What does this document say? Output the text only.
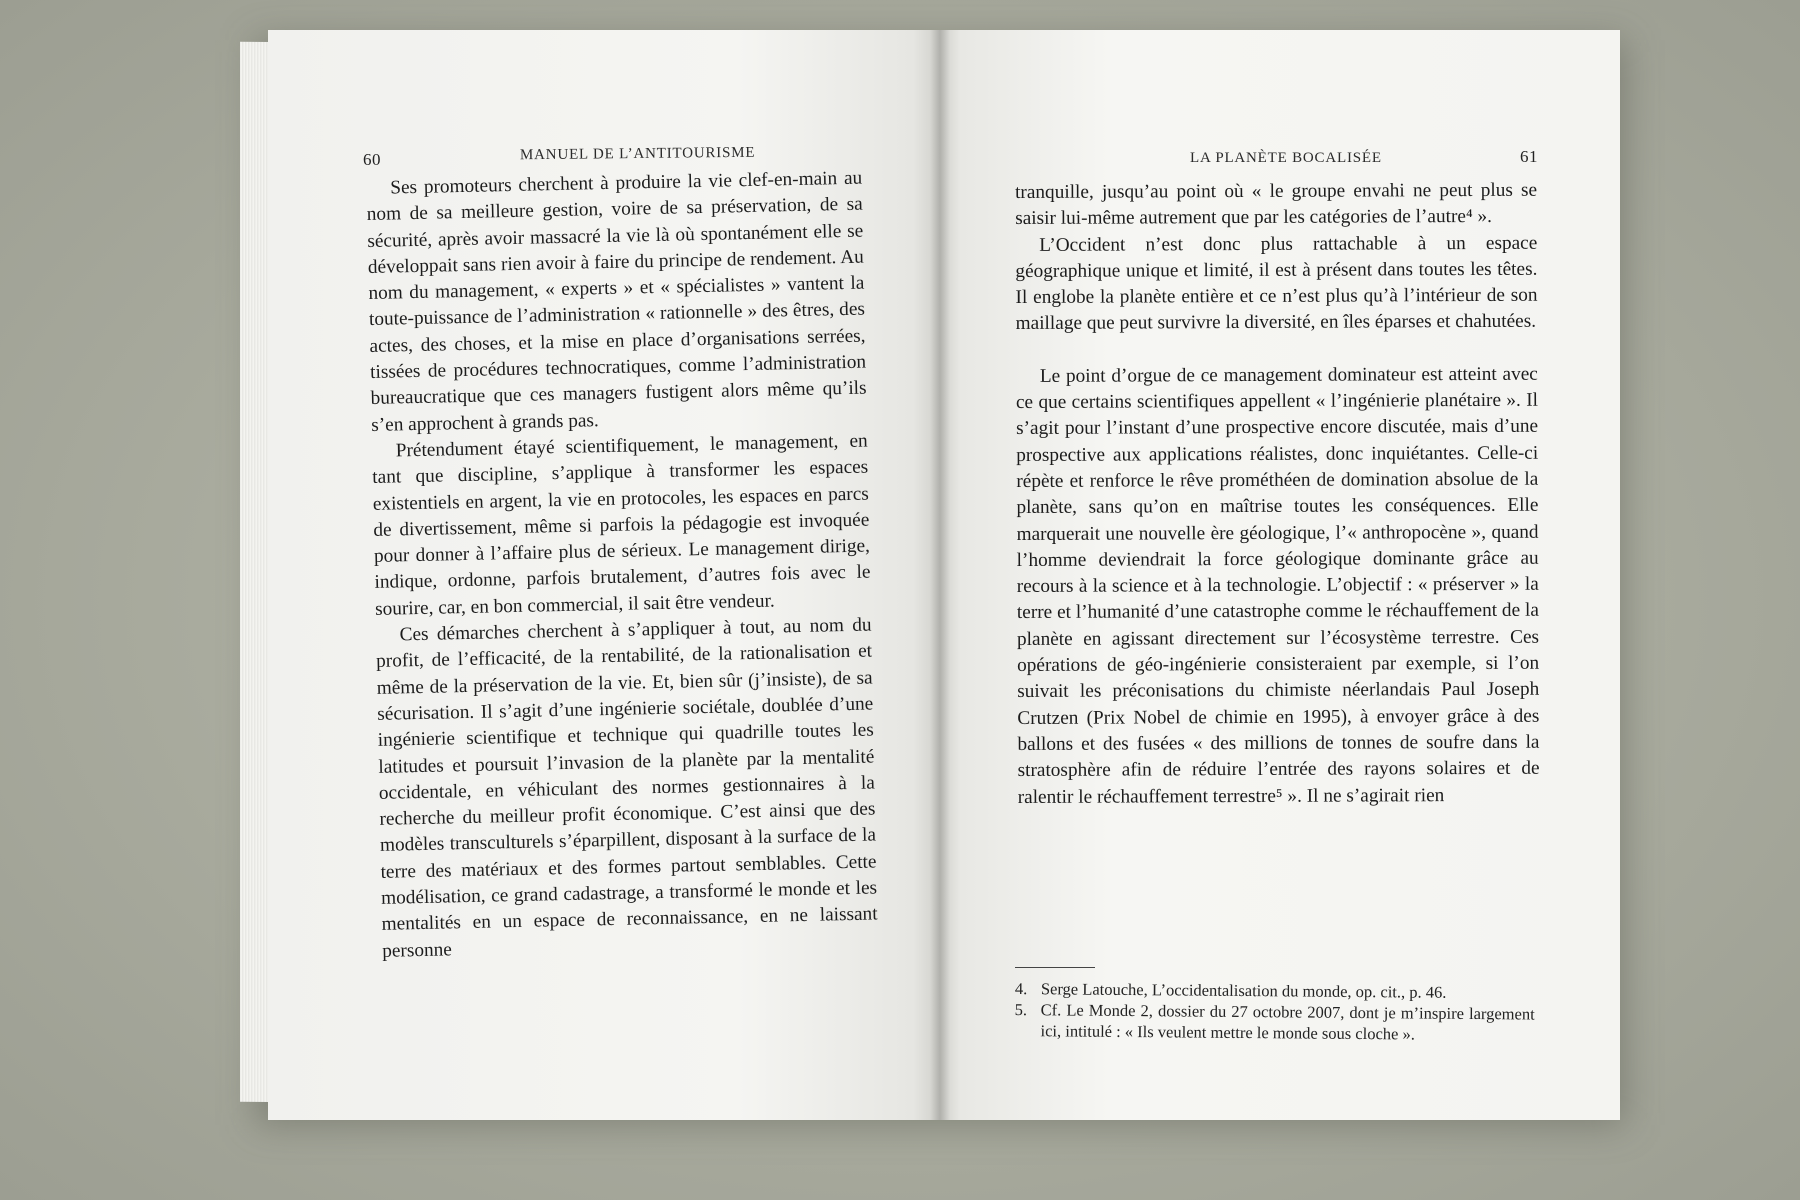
60	MANUEL DE L’ANTITOURISME

Ses promoteurs cherchent à produire la vie clef-en-main au nom de sa meilleure gestion, voire de sa préservation, de sa sécurité, après avoir massacré la vie là où spontanément elle se développait sans rien avoir à faire du principe de rendement. Au nom du management, « experts » et « spécialistes » vantent la toute-puissance de l’administration « rationnelle » des êtres, des actes, des choses, et la mise en place d’organisations serrées, tissées de procédures technocratiques, comme l’administration bureaucratique que ces managers fustigent alors même qu’ils s’en approchent à grands pas.

Prétendument étayé scientifiquement, le management, en tant que discipline, s’applique à transformer les espaces existentiels en argent, la vie en protocoles, les espaces en parcs de divertissement, même si parfois la pédagogie est invoquée pour donner à l’affaire plus de sérieux. Le management dirige, indique, ordonne, parfois brutalement, d’autres fois avec le sourire, car, en bon commercial, il sait être vendeur.

Ces démarches cherchent à s’appliquer à tout, au nom du profit, de l’efficacité, de la rentabilité, de la rationalisation et même de la préservation de la vie. Et, bien sûr (j’insiste), de sa sécurisation. Il s’agit d’une ingénierie sociétale, doublée d’une ingénierie scientifique et technique qui quadrille toutes les latitudes et poursuit l’invasion de la planète par la mentalité occidentale, en véhiculant des normes gestionnaires à la recherche du meilleur profit économique. C’est ainsi que des modèles transculturels s’éparpillent, disposant à la surface de la terre des matériaux et des formes partout semblables. Cette modélisation, ce grand cadastrage, a transformé le monde et les mentalités en un espace de reconnaissance, en ne laissant personne

LA PLANÈTE BOCALISÉE	61

tranquille, jusqu’au point où « le groupe envahi ne peut plus se saisir lui-même autrement que par les catégories de l’autre⁴ ».

L’Occident n’est donc plus rattachable à un espace géographique unique et limité, il est à présent dans toutes les têtes. Il englobe la planète entière et ce n’est plus qu’à l’intérieur de son maillage que peut survivre la diversité, en îles éparses et chahutées.

Le point d’orgue de ce management dominateur est atteint avec ce que certains scientifiques appellent « l’ingénierie planétaire ». Il s’agit pour l’instant d’une prospective encore discutée, mais d’une prospective aux applications réalistes, donc inquiétantes. Celle-ci répète et renforce le rêve prométhéen de domination absolue de la planète, sans qu’on en maîtrise toutes les conséquences. Elle marquerait une nouvelle ère géologique, l’« anthropocène », quand l’homme deviendrait la force géologique dominante grâce au recours à la science et à la technologie. L’objectif : « préserver » la terre et l’humanité d’une catastrophe comme le réchauffement de la planète en agissant directement sur l’écosystème terrestre. Ces opérations de géo-ingénierie consisteraient par exemple, si l’on suivait les préconisations du chimiste néerlandais Paul Joseph Crutzen (Prix Nobel de chimie en 1995), à envoyer grâce à des ballons et des fusées « des millions de tonnes de soufre dans la stratosphère afin de réduire l’entrée des rayons solaires et de ralentir le réchauffement terrestre⁵ ». Il ne s’agirait rien

4. Serge Latouche, L’occidentalisation du monde, op. cit., p. 46.
5. Cf. Le Monde 2, dossier du 27 octobre 2007, dont je m’inspire largement ici, intitulé : « Ils veulent mettre le monde sous cloche ».
